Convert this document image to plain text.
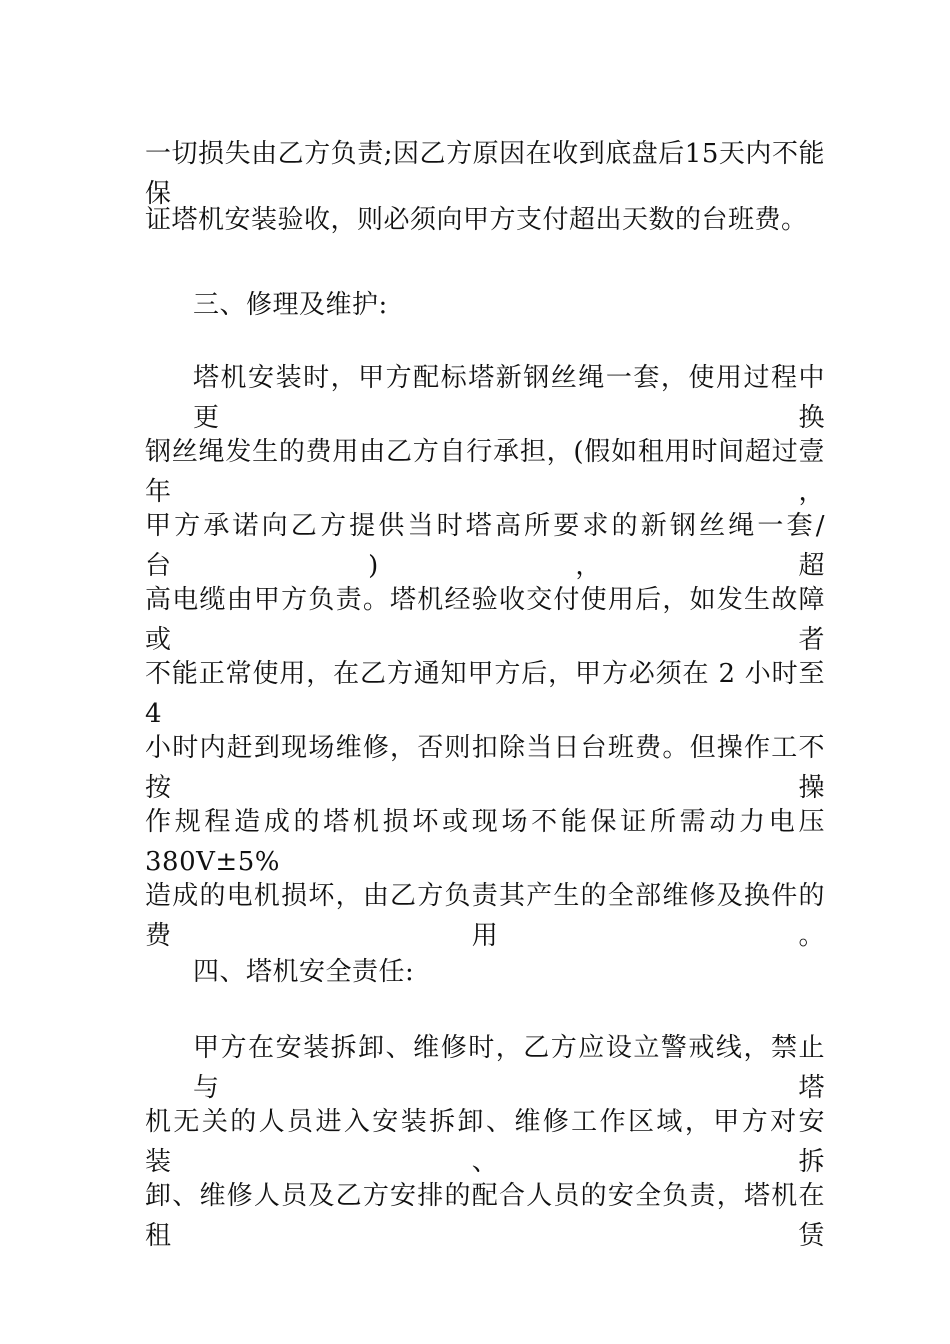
一切损失由乙方负责;因乙方原因在收到底盘后15天内不能保
证塔机安装验收，则必须向甲方支付超出天数的台班费。
三、修理及维护:
塔机安装时，甲方配标塔新钢丝绳一套，使用过程中更换
钢丝绳发生的费用由乙方自行承担，(假如租用时间超过壹年，
甲方承诺向乙方提供当时塔高所要求的新钢丝绳一套/台)，超
高电缆由甲方负责。塔机经验收交付使用后，如发生故障或者
不能正常使用，在乙方通知甲方后，甲方必须在 2 小时至 4
小时内赶到现场维修，否则扣除当日台班费。但操作工不按操
作规程造成的塔机损坏或现场不能保证所需动力电压 380V±5%
造成的电机损坏，由乙方负责其产生的全部维修及换件的费用。
四、塔机安全责任:
甲方在安装拆卸、维修时，乙方应设立警戒线，禁止与塔
机无关的人员进入安装拆卸、维修工作区域，甲方对安装、拆
卸、维修人员及乙方安排的配合人员的安全负责，塔机在租赁
